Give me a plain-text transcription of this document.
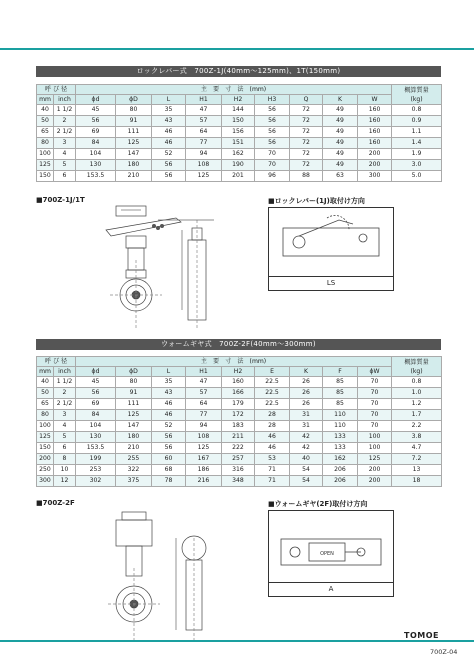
ロックレバー式　700Z-1J(40mm〜125mm)、1T(150mm)
呼 び 径		主　要　寸　法　(mm)									概算質量
(kg)
mm	inch	ϕd	ϕD	L	H1	H2	H3	Q	K	W	
40	1 1/2	45	80	35	47	144	56	72	49	160	0.8
50	2	56	91	43	57	150	56	72	49	160	0.9
65	2 1/2	69	111	46	64	156	56	72	49	160	1.1
80	3	84	125	46	77	151	56	72	49	160	1.4
100	4	104	147	52	94	162	70	72	49	200	1.9
125	5	130	180	56	108	190	70	72	49	200	3.0
150	6	153.5	210	56	125	201	96	88	63	300	5.0
■700Z-1J/1T	■ロックレバー(1J)取付け方向
LS
ウォームギヤ式　700Z-2F(40mm〜300mm)
呼 び 径		主　要　寸　法　(mm)									概算質量
(kg)
mm	inch	ϕd	ϕD	L	H1	H2	E	K	F	ϕW	
40	1 1/2	45	80	35	47	160	22.5	26	85	70	0.8
50	2	56	91	43	57	166	22.5	26	85	70	1.0
65	2 1/2	69	111	46	64	179	22.5	26	85	70	1.2
80	3	84	125	46	77	172	28	31	110	70	1.7
100	4	104	147	52	94	183	28	31	110	70	2.2
125	5	130	180	56	108	211	46	42	133	100	3.8
150	6	153.5	210	56	125	222	46	42	133	100	4.7
200	8	199	255	60	167	257	53	40	162	125	7.2
250	10	253	322	68	186	316	71	54	206	200	13
300	12	302	375	78	216	348	71	54	206	200	18
■700Z-2F	■ウォームギヤ(2F)取付け方向
OPEN
A
TOMOE
700Z-04
